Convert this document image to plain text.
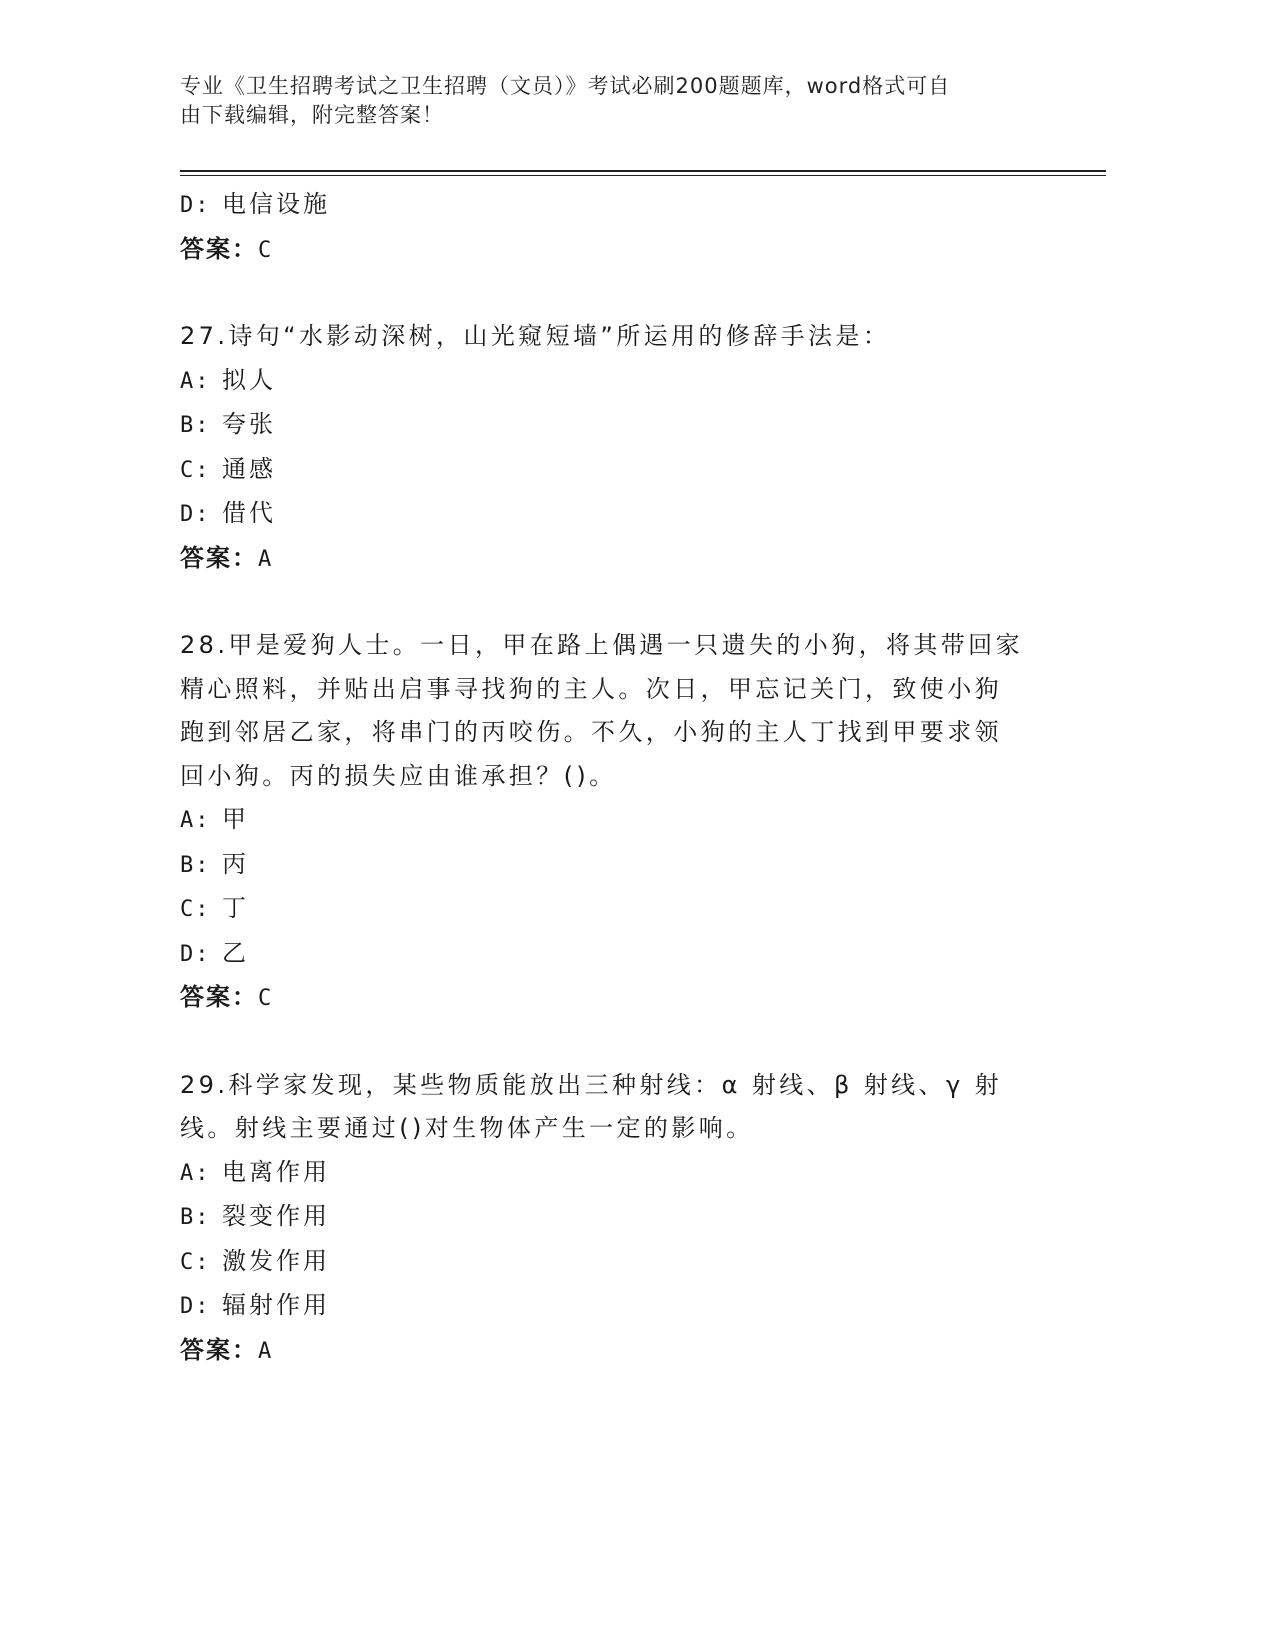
专业《卫生招聘考试之卫生招聘（文员）》考试必刷200题题库，word格式可自
由下载编辑，附完整答案！
D: 电信设施
答案：C
27.诗句“水影动深树，山光窥短墙”所运用的修辞手法是：
A: 拟人
B: 夸张
C: 通感
D: 借代
答案：A
28.甲是爱狗人士。一日，甲在路上偶遇一只遗失的小狗，将其带回家
精心照料，并贴出启事寻找狗的主人。次日，甲忘记关门，致使小狗
跑到邻居乙家，将串门的丙咬伤。不久，小狗的主人丁找到甲要求领
回小狗。丙的损失应由谁承担？()。
A: 甲
B: 丙
C: 丁
D: 乙
答案：C
29.科学家发现，某些物质能放出三种射线：α 射线、β 射线、γ 射
线。射线主要通过()对生物体产生一定的影响。
A: 电离作用
B: 裂变作用
C: 激发作用
D: 辐射作用
答案：A
